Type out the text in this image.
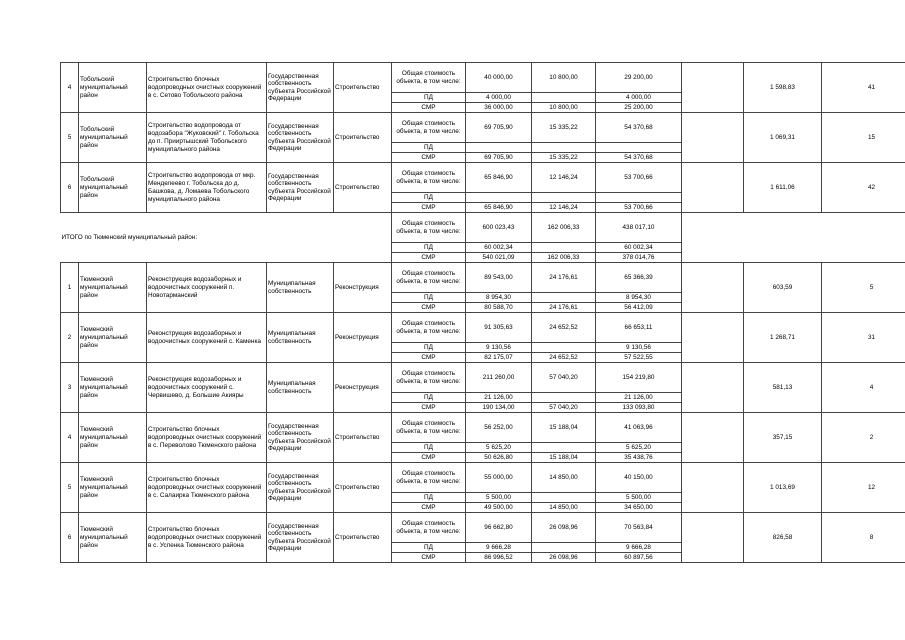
4	Тобольский муниципальный район	Строительство блочных водопроводных очистных сооружений в с. Сетово Тобольского района	Государственная собственность субъекта Российской Федерации	Строительство	Общая стоимость объекта, в том числе:	40 000,00	10 800,00	29 200,00		1 598,83	41
					ПД	4 000,00		4 000,00			
					СМР	36 000,00	10 800,00	25 200,00			
5	Тобольский муниципальный район	Строительство водопровода от водозабора "Жуковский" г. Тобольска до п. Прииртышский Тобольского муниципального района	Государственная собственность субъекта Российской Федерации	Строительство	Общая стоимость объекта, в том числе:	69 705,90	15 335,22	54 370,68		1 069,31	15
					ПД						
					СМР	69 705,90	15 335,22	54 370,68			
6	Тобольский муниципальный район	Строительство водопровода от мкр. Менделеево г. Тобольска до д. Башкова, д. Ломаева Тобольского муниципального района	Государственная собственность субъекта Российской Федерации	Строительство	Общая стоимость объекта, в том числе:	65 846,90	12 146,24	53 700,66		1 611,06	42
					ПД						
					СМР	65 846,90	12 146,24	53 700,66			
ИТОГО по Тюменский муниципальный район:					Общая стоимость объекта, в том числе:	600 023,43	162 006,33	438 017,10			
					ПД	60 002,34		60 002,34			
					СМР	540 021,09	162 006,33	378 014,76			
1	Тюменский муниципальный район	Реконструкция водозаборных и водоочистных сооружений п. Новотарманский	Муниципальная собственность	Реконструкция	Общая стоимость объекта, в том числе:	89 543,00	24 176,61	65 366,39		603,59	5
					ПД	8 954,30		8 954,30			
					СМР	80 588,70	24 176,61	56 412,09			
2	Тюменский муниципальный район	Реконструкция водозаборных и водоочистных сооружений с. Каменка	Муниципальная собственность	Реконструкция	Общая стоимость объекта, в том числе:	91 305,63	24 652,52	66 653,11		1 268,71	31
					ПД	9 130,56		9 130,56			
					СМР	82 175,07	24 652,52	57 522,55			
3	Тюменский муниципальный район	Реконструкция водозаборных и водоочистных сооружений с. Червишево, д. Большие Акияры	Муниципальная собственность	Реконструкция	Общая стоимость объекта, в том числе:	211 260,00	57 040,20	154 219,80		581,13	4
					ПД	21 126,00		21 126,00			
					СМР	190 134,00	57 040,20	133 093,80			
4	Тюменский муниципальный район	Строительство блочных водопроводных очистных сооружений в с. Переволово Тюменского района	Государственная собственность субъекта Российской Федерации	Строительство	Общая стоимость объекта, в том числе:	56 252,00	15 188,04	41 063,96		357,15	2
					ПД	5 625,20		5 625,20			
					СМР	50 626,80	15 188,04	35 438,76			
5	Тюменский муниципальный район	Строительство блочных водопроводных очистных сооружений в с. Салаирка Тюменского района	Государственная собственность субъекта Российской Федерации	Строительство	Общая стоимость объекта, в том числе:	55 000,00	14 850,00	40 150,00		1 013,69	12
					ПД	5 500,00		5 500,00			
					СМР	49 500,00	14 850,00	34 650,00			
6	Тюменский муниципальный район	Строительство блочных водопроводных очистных сооружений в с. Успенка Тюменского района	Государственная собственность субъекта Российской Федерации	Строительство	Общая стоимость объекта, в том числе:	96 662,80	26 098,96	70 563,84		826,58	8
					ПД	9 666,28		9 666,28			
					СМР	86 996,52	26 098,96	60 897,56			
